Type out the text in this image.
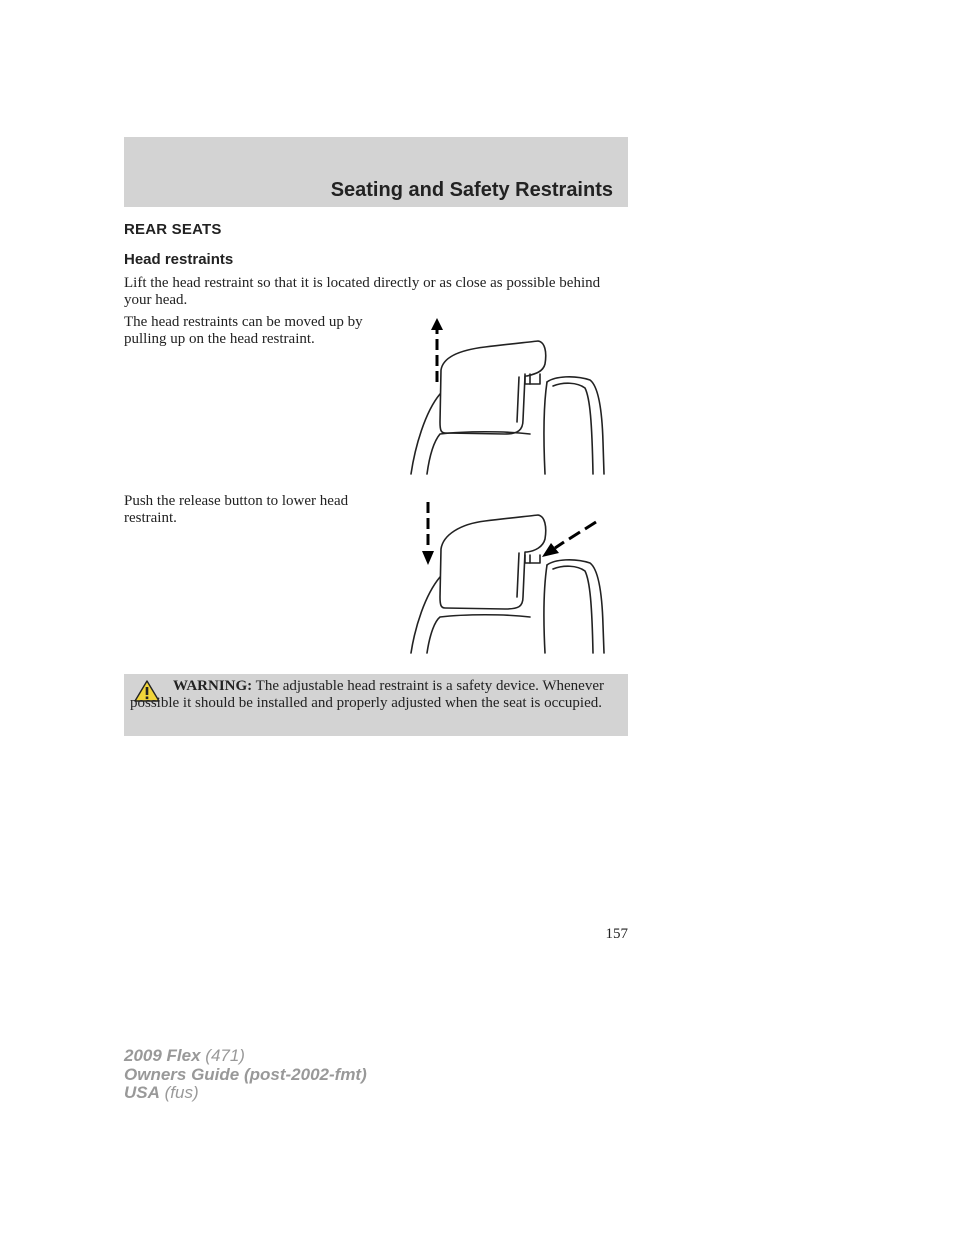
Seating and Safety Restraints
REAR SEATS
Head restraints
Lift the head restraint so that it is located directly or as close as possible behind your head.
The head restraints can be moved up by pulling up on the head restraint.
Push the release button to lower head restraint.
WARNING: The adjustable head restraint is a safety device. Whenever possible it should be installed and properly adjusted when the seat is occupied.
157
2009 Flex (471)
Owners Guide (post-2002-fmt)
USA (fus)
